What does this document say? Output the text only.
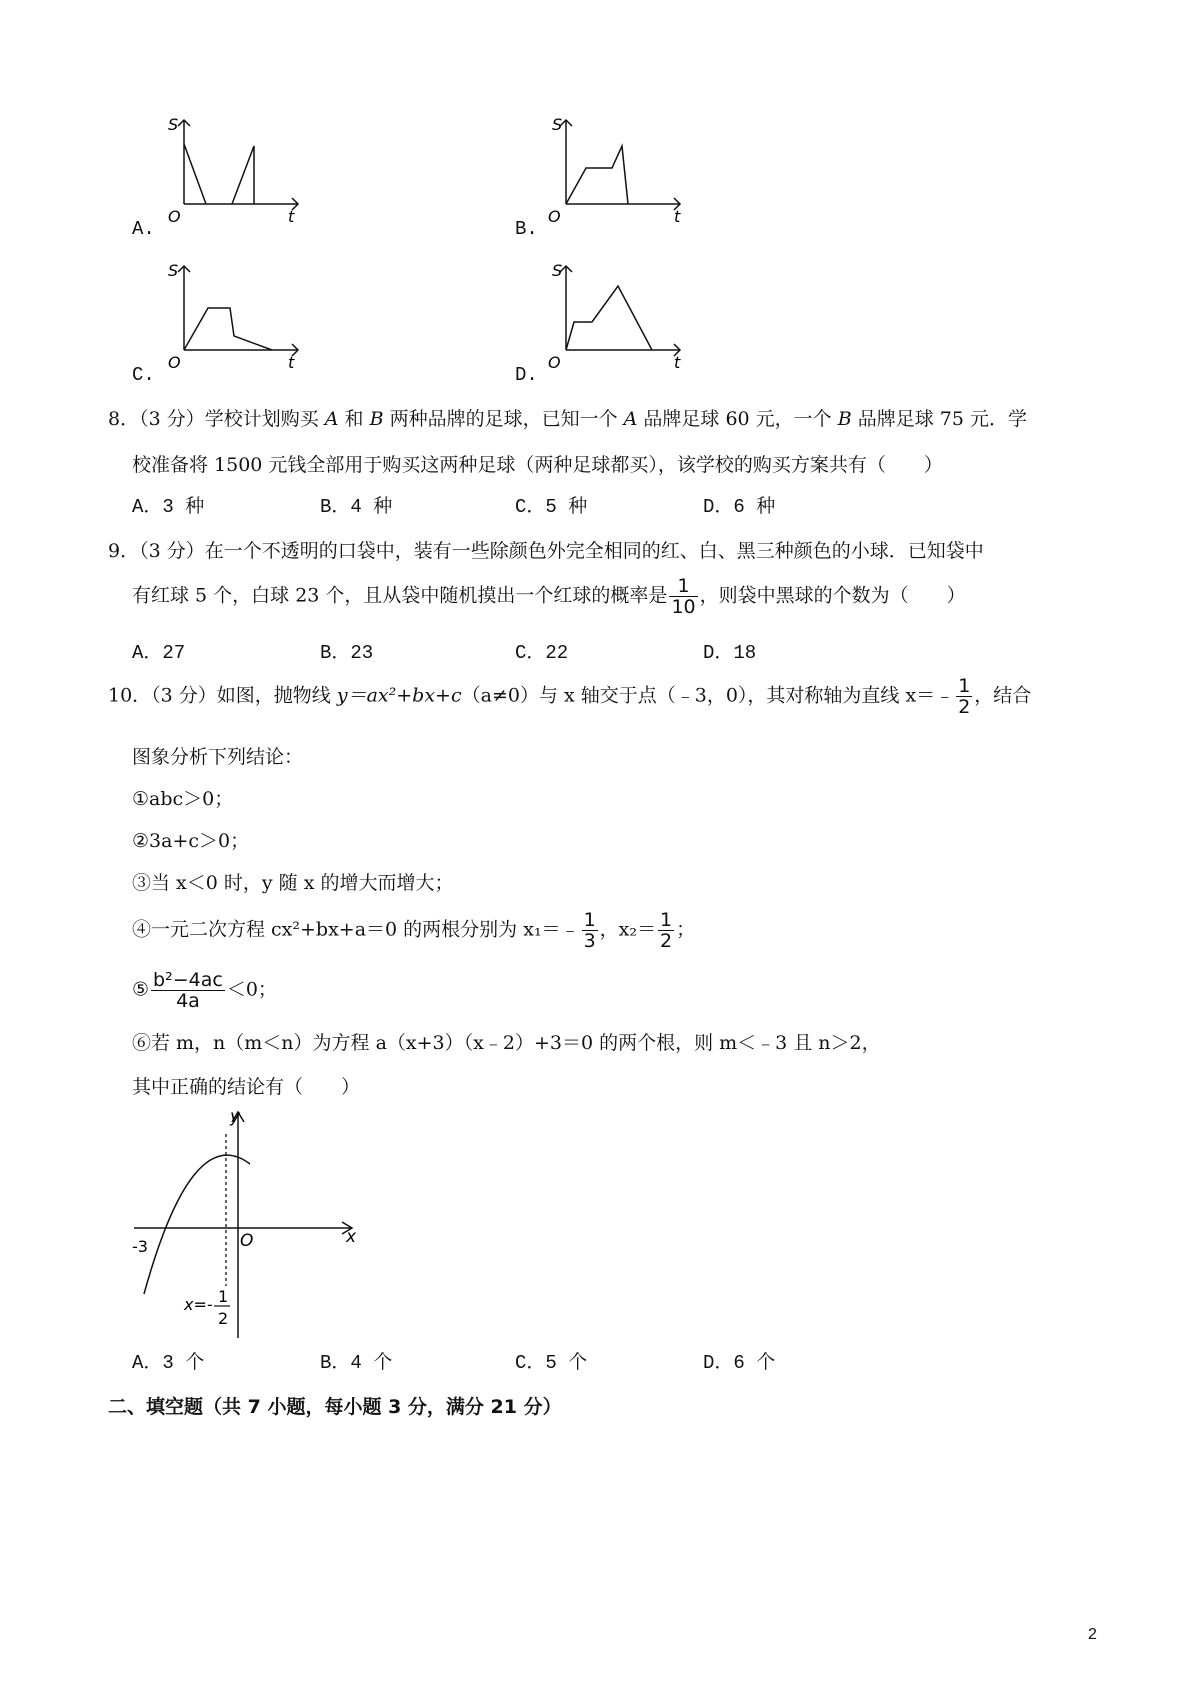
S
O	t
A.
S
O	t
B.
S
O	t
C.
S
O	t
D.
8．（3 分）学校计划购买 A 和 B 两种品牌的足球，已知一个 A 品牌足球 60 元，一个 B 品牌足球 75 元．学
校准备将 1500 元钱全部用于购买这两种足球（两种足球都买），该学校的购买方案共有（　　）
A．3 种	B．4 种	C．5 种	D．6 种
9．（3 分）在一个不透明的口袋中，装有一些除颜色外完全相同的红、白、黑三种颜色的小球．已知袋中
有红球 5 个，白球 23 个，且从袋中随机摸出一个红球的概率是 $\frac{1}{10}$ ，则袋中黑球的个数为（　　）
A．27	B．23	C．22	D．18
10．（3 分）如图，抛物线 y＝ax²+bx+c（a≠0）与 x 轴交于点（﹣3，0），其对称轴为直线 x＝﹣ $\frac{1}{2}$ ，结合
图象分析下列结论：
①abc＞0；
②3a+c＞0；
③当 x＜0 时，y 随 x 的增大而增大；
④一元二次方程 cx²+bx+a＝0 的两根分别为 x₁＝﹣ $\frac{1}{3}$ ，$x_2= \frac{1}{2}$ ；
⑤ $\frac{\text{b²−4ac}}{4a} <0$；
⑥若 m，n（m＜n）为方程 a（x+3）（x﹣2）+3＝0 的两个根，则 m＜﹣3 且 n＞2，
其中正确的结论有（　　）
y
x
O
-3
x=- 1
2
A．3 个	B．4 个	C．5 个	D．6 个
二、填空题（共 7 小题，每小题 3 分，满分 21 分）
2
